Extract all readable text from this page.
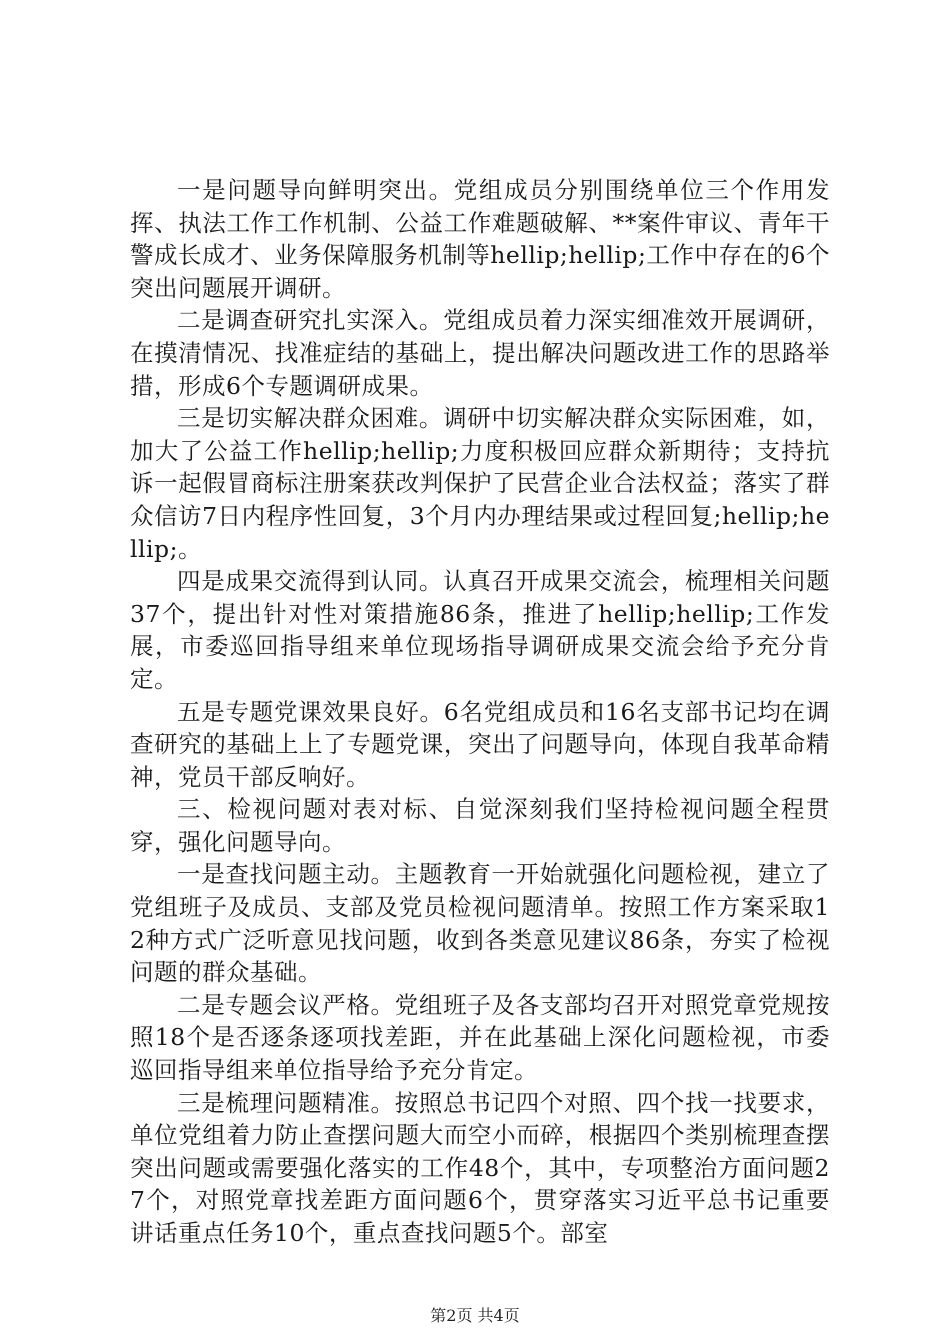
一是问题导向鲜明突出。党组成员分别围绕单位三个作用发挥、执法工作工作机制、公益工作难题破解、**案件审议、青年干警成长成才、业务保障服务机制等hellip;hellip;工作中存在的6个突出问题展开调研。

二是调查研究扎实深入。党组成员着力深实细准效开展调研，在摸清情况、找准症结的基础上，提出解决问题改进工作的思路举措，形成6个专题调研成果。

三是切实解决群众困难。调研中切实解决群众实际困难，如，加大了公益工作hellip;hellip;力度积极回应群众新期待；支持抗诉一起假冒商标注册案获改判保护了民营企业合法权益；落实了群众信访7日内程序性回复，3个月内办理结果或过程回复;hellip;hellip;。

四是成果交流得到认同。认真召开成果交流会，梳理相关问题37个，提出针对性对策措施86条，推进了hellip;hellip;工作发展，市委巡回指导组来单位现场指导调研成果交流会给予充分肯定。

五是专题党课效果良好。6名党组成员和16名支部书记均在调查研究的基础上上了专题党课，突出了问题导向，体现自我革命精神，党员干部反响好。

三、检视问题对表对标、自觉深刻我们坚持检视问题全程贯穿，强化问题导向。

一是查找问题主动。主题教育一开始就强化问题检视，建立了党组班子及成员、支部及党员检视问题清单。按照工作方案采取12种方式广泛听意见找问题，收到各类意见建议86条，夯实了检视问题的群众基础。

二是专题会议严格。党组班子及各支部均召开对照党章党规按照18个是否逐条逐项找差距，并在此基础上深化问题检视，市委巡回指导组来单位指导给予充分肯定。

三是梳理问题精准。按照总书记四个对照、四个找一找要求，单位党组着力防止查摆问题大而空小而碎，根据四个类别梳理查摆突出问题或需要强化落实的工作48个，其中，专项整治方面问题27个，对照党章找差距方面问题6个，贯穿落实习近平总书记重要讲话重点任务10个，重点查找问题5个。部室

第2页 共4页
